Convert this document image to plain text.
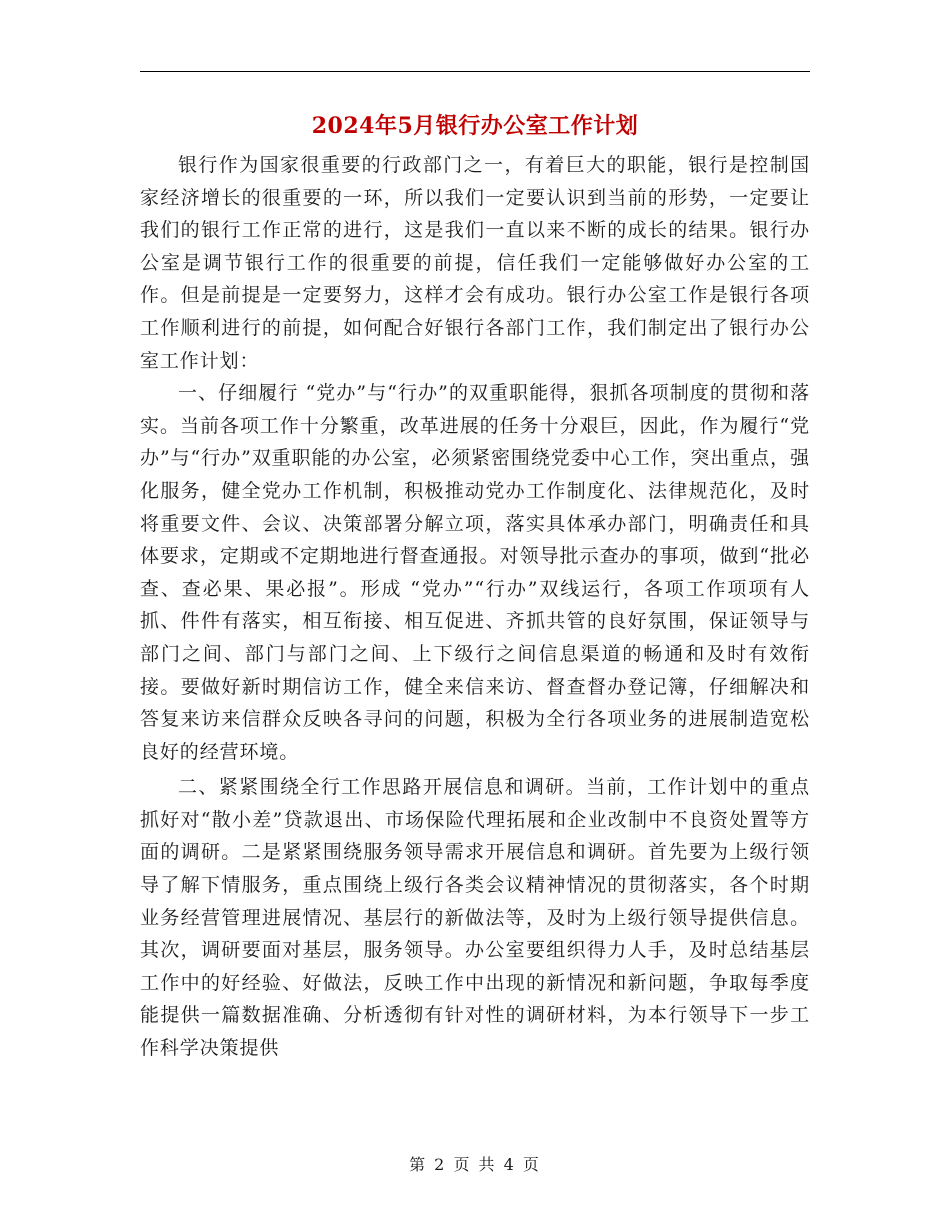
2024年5月银行办公室工作计划

银行作为国家很重要的行政部门之一，有着巨大的职能，银行是控制国家经济增长的很重要的一环，所以我们一定要认识到当前的形势，一定要让我们的银行工作正常的进行，这是我们一直以来不断的成长的结果。银行办公室是调节银行工作的很重要的前提，信任我们一定能够做好办公室的工作。但是前提是一定要努力，这样才会有成功。银行办公室工作是银行各项工作顺利进行的前提，如何配合好银行各部门工作，我们制定出了银行办公室工作计划：

一、仔细履行 “党办”与“行办”的双重职能得，狠抓各项制度的贯彻和落实。当前各项工作十分繁重，改革进展的任务十分艰巨，因此，作为履行“党办”与“行办”双重职能的办公室，必须紧密围绕党委中心工作，突出重点，强化服务，健全党办工作机制，积极推动党办工作制度化、法律规范化，及时将重要文件、会议、决策部署分解立项，落实具体承办部门，明确责任和具体要求，定期或不定期地进行督查通报。对领导批示查办的事项，做到“批必查、查必果、果必报”。形成 “党办”“行办”双线运行，各项工作项项有人抓、件件有落实，相互衔接、相互促进、齐抓共管的良好氛围，保证领导与部门之间、部门与部门之间、上下级行之间信息渠道的畅通和及时有效衔接。要做好新时期信访工作，健全来信来访、督查督办登记簿，仔细解决和答复来访来信群众反映各寻问的问题，积极为全行各项业务的进展制造宽松良好的经营环境。

二、紧紧围绕全行工作思路开展信息和调研。当前，工作计划中的重点抓好对“散小差”贷款退出、市场保险代理拓展和企业改制中不良资处置等方面的调研。二是紧紧围绕服务领导需求开展信息和调研。首先要为上级行领导了解下情服务，重点围绕上级行各类会议精神情况的贯彻落实，各个时期业务经营管理进展情况、基层行的新做法等，及时为上级行领导提供信息。其次，调研要面对基层，服务领导。办公室要组织得力人手，及时总结基层工作中的好经验、好做法，反映工作中出现的新情况和新问题，争取每季度能提供一篇数据准确、分析透彻有针对性的调研材料，为本行领导下一步工作科学决策提供

第 2 页 共 4 页
